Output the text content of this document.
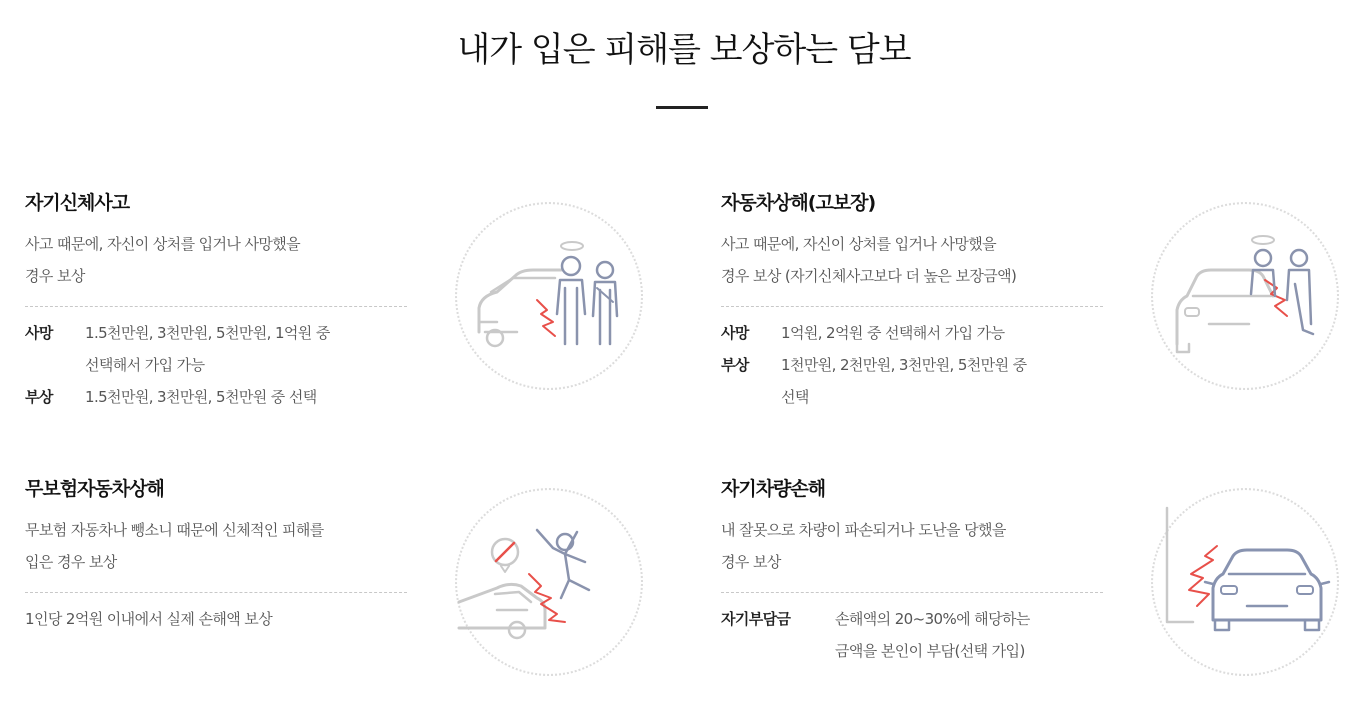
내가 입은 피해를 보상하는 담보
자기신체사고

사고 때문에, 자신이 상처를 입거나 사망했을
경우 보상

사망	1.5천만원, 3천만원, 5천만원, 1억원 중
선택해서 가입 가능
부상	1.5천만원, 3천만원, 5천만원 중 선택
자동차상해(고보장)

사고 때문에, 자신이 상처를 입거나 사망했을
경우 보상 (자기신체사고보다 더 높은 보장금액)

사망	1억원, 2억원 중 선택해서 가입 가능
부상	1천만원, 2천만원, 3천만원, 5천만원 중
선택
무보험자동차상해

무보험 자동차나 뺑소니 때문에 신체적인 피해를
입은 경우 보상

1인당 2억원 이내에서 실제 손해액 보상

자기차량손해

내 잘못으로 차량이 파손되거나 도난을 당했을
경우 보상

자기부담금	손해액의 20~30%에 해당하는
금액을 본인이 부담(선택 가입)
